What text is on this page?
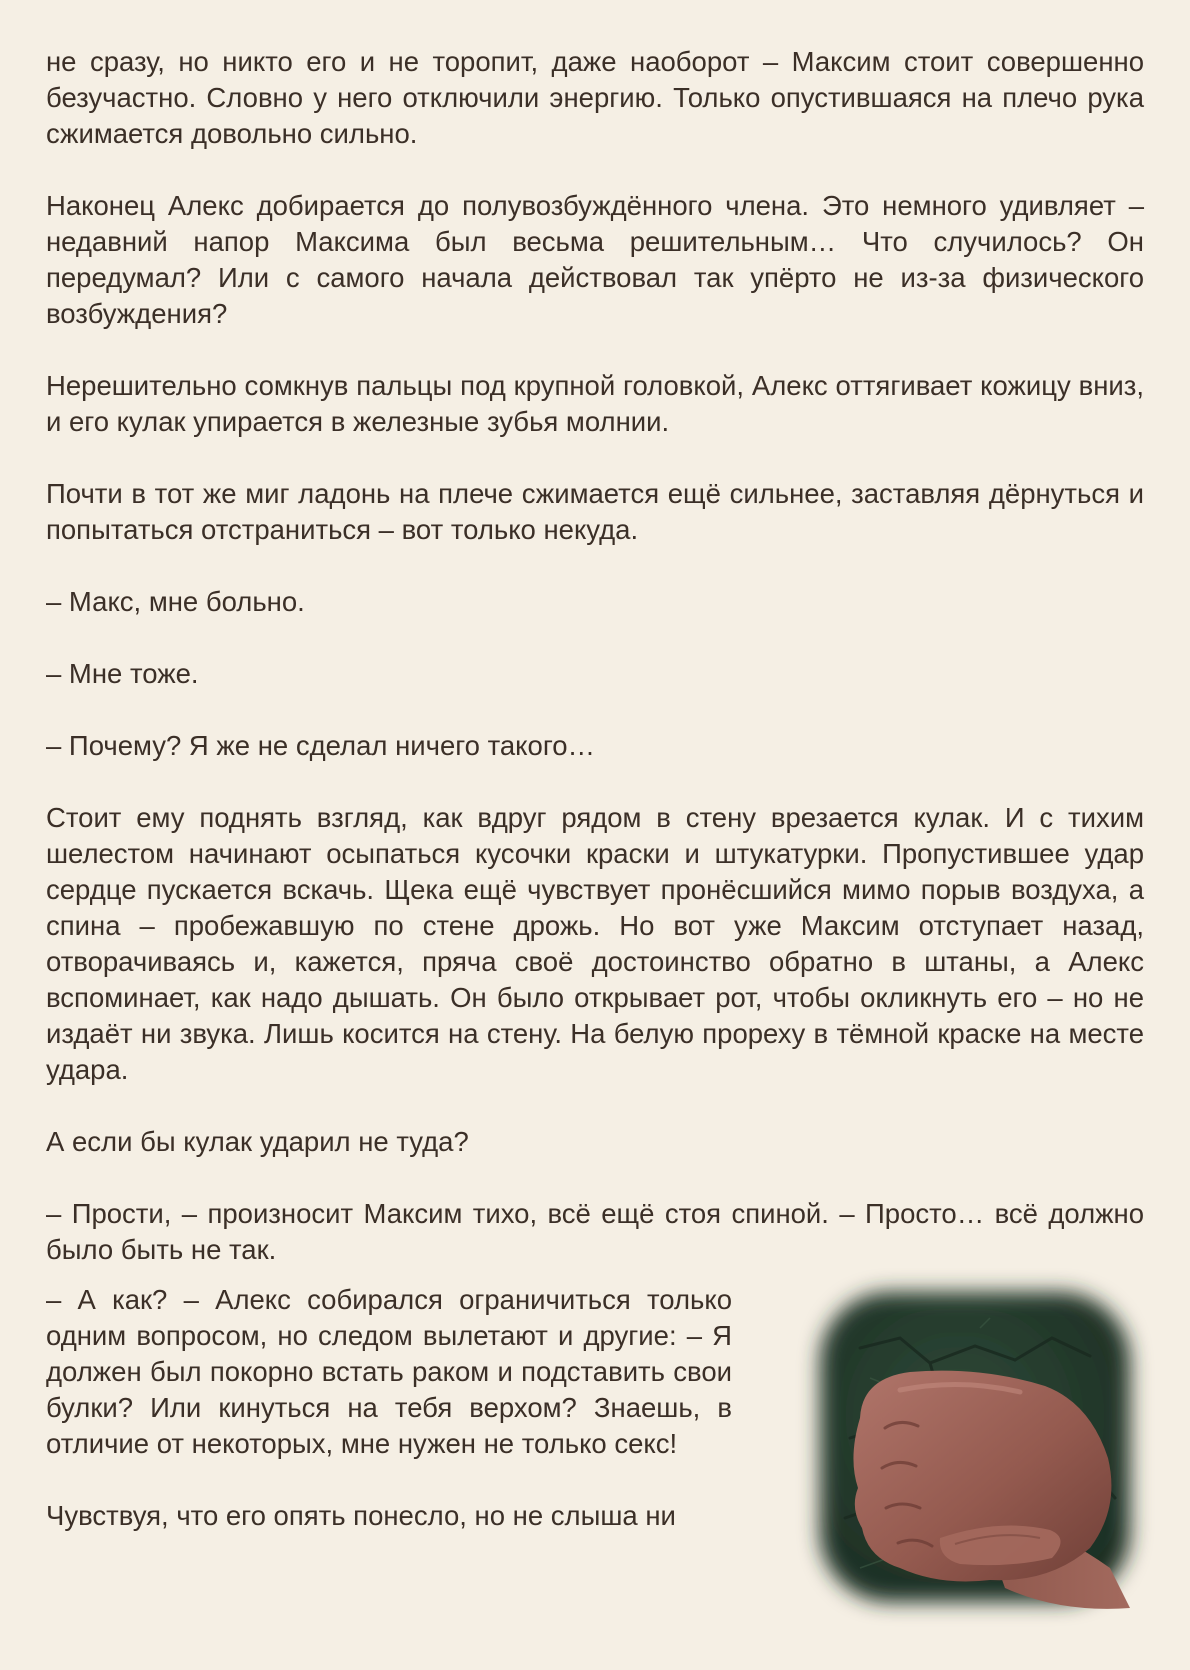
не сразу, но никто его и не торопит, даже наоборот – Максим стоит совершенно безучастно. Словно у него отключили энергию. Только опустившаяся на плечо рука сжимается довольно сильно.

Наконец Алекс добирается до полувозбуждённого члена. Это немного удивляет – недавний напор Максима был весьма решительным… Что случилось? Он передумал? Или с самого начала действовал так упёрто не из-за физического возбуждения?

Нерешительно сомкнув пальцы под крупной головкой, Алекс оттягивает кожицу вниз, и его кулак упирается в железные зубья молнии.

Почти в тот же миг ладонь на плече сжимается ещё сильнее, заставляя дёрнуться и попытаться отстраниться – вот только некуда.

– Макс, мне больно.

– Мне тоже.

– Почему? Я же не сделал ничего такого…

Стоит ему поднять взгляд, как вдруг рядом в стену врезается кулак. И с тихим шелестом начинают осыпаться кусочки краски и штукатурки. Пропустившее удар сердце пускается вскачь. Щека ещё чувствует пронёсшийся мимо порыв воздуха, а спина – пробежавшую по стене дрожь. Но вот уже Максим отступает назад, отворачиваясь и, кажется, пряча своё достоинство обратно в штаны, а Алекс вспоминает, как надо дышать. Он было открывает рот, чтобы окликнуть его – но не издаёт ни звука. Лишь косится на стену. На белую прореху в тёмной краске на месте удара.

А если бы кулак ударил не туда?

– Прости, – произносит Максим тихо, всё ещё стоя спиной. – Просто… всё должно было быть не так.

– А как? – Алекс собирался ограничиться только одним вопросом, но следом вылетают и другие: – Я должен был покорно встать раком и подставить свои булки? Или кинуться на тебя верхом? Знаешь, в отличие от некоторых, мне нужен не только секс!

Чувствуя, что его опять понесло, но не слыша ни
